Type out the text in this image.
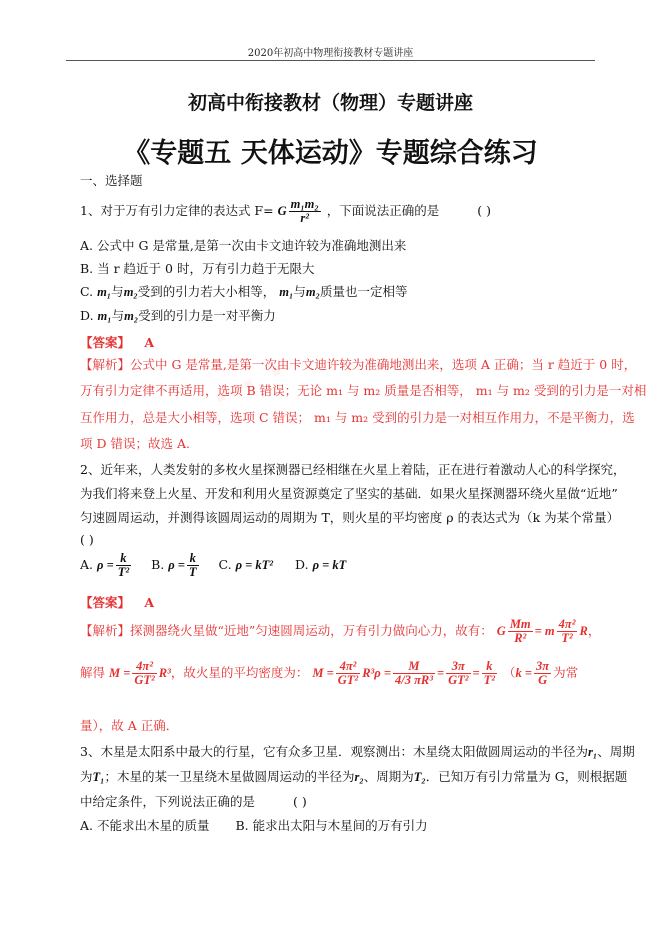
· · ·
2020年初高中物理衔接教材专题讲座
初高中衔接教材（物理）专题讲座
《专题五 天体运动》专题综合练习
一、选择题
1、对于万有引力定律的表达式 F= G $\frac{\text{m₁m₂}}{\text{r²}}$ ，下面说法正确的是	( )
A. 公式中 G 是常量,是第一次由卡文迪许较为准确地测出来
B. 当 r 趋近于 0 时，万有引力趋于无限大
C. m₁与m₂受到的引力若大小相等， m₁与m₂质量也一定相等
D. m₁与m₂受到的引力是一对平衡力
【答案】 A
【解析】公式中 G 是常量,是第一次由卡文迪许较为准确地测出来，选项 A 正确；当 r 趋近于 0 时，
万有引力定律不再适用，选项 B 错误；无论 m₁ 与 m₂ 质量是否相等， m₁ 与 m₂ 受到的引力是一对相
互作用力，总是大小相等，选项 C 错误； m₁ 与 m₂ 受到的引力是一对相互作用力，不是平衡力，选
项 D 错误；故选 A.
2、近年来，人类发射的多枚火星探测器已经相继在火星上着陆，正在进行着激动人心的科学探究，
为我们将来登上火星、开发和利用火星资源奠定了坚实的基础．如果火星探测器环绕火星做“近地”
匀速圆周运动，并测得该圆周运动的周期为 T，则火星的平均密度 ρ 的表达式为（k 为某个常量）
( )
A. $\rho = \frac{k}{\text{T²}} B$. $\rho = \frac{k}{T} C$. ρ = kT² D. ρ = kT
【答案】 A
【解析】探测器绕火星做“近地”匀速圆周运动，万有引力做向心力，故有： G $\frac{Mm}{\text{R²}} = m \frac{\text{4π²}}{\text{T²}}$ R，
解得 $M = \frac{\text{4π²}}{\text{GT²}} R^3$，故火星的平均密度为： $M = \frac{\text{4π²}}{\text{GT²}} R^3\rho = \frac{M}{\text{4/3 πR³}} = \frac{3\pi}{\text{GT²}} = \frac{k}{\text{T²}} (k = \frac{3\pi}{G}$ 为常
量），故 A 正确．
3、木星是太阳系中最大的行星，它有众多卫星．观察测出：木星绕太阳做圆周运动的半径为r₁、周期
为T₁；木星的某一卫星绕木星做圆周运动的半径为r₂、周期为T₂．已知万有引力常量为 G，则根据题
中给定条件，下列说法正确的是	( )
A. 不能求出木星的质量 B. 能求出太阳与木星间的万有引力
